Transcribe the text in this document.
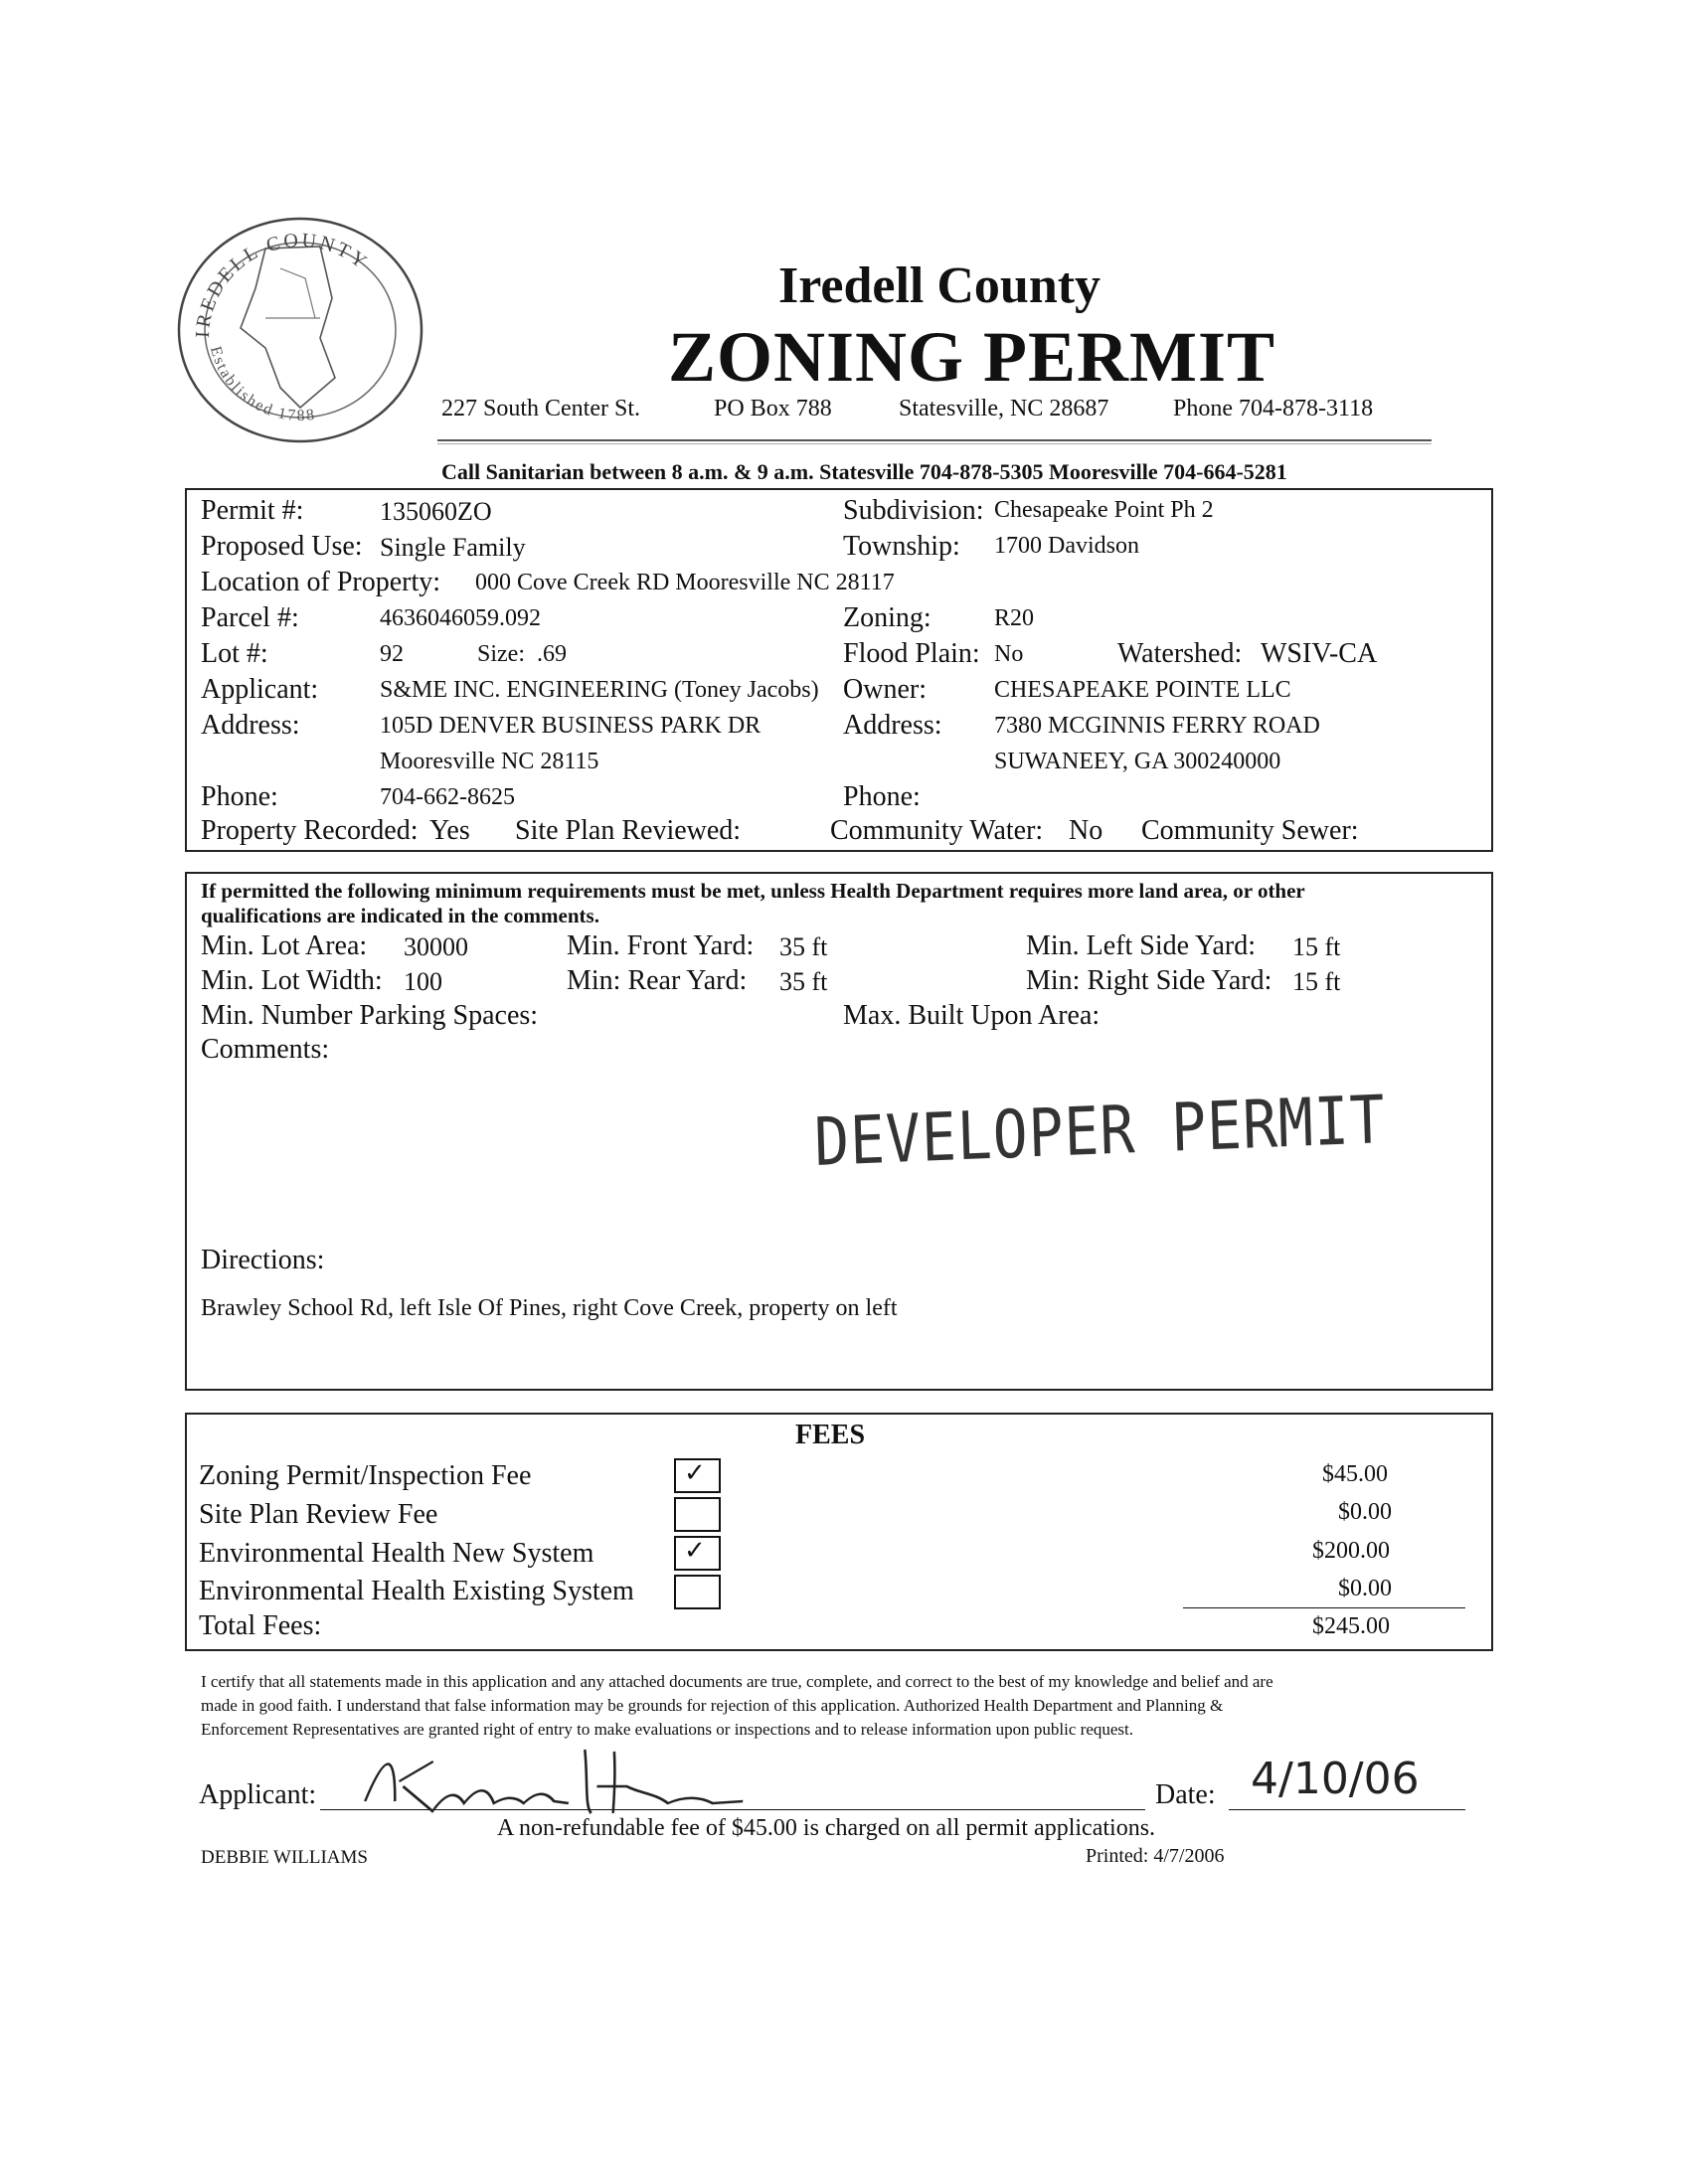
IREDELL COUNTY
Established 1788
Iredell County
ZONING PERMIT
227 South Center St.	PO Box 788	Statesville, NC 28687	Phone 704-878-3118
Call Sanitarian between 8 a.m. & 9 a.m. Statesville 704-878-5305 Mooresville 704-664-5281
Permit #:	135060ZO	Subdivision: Chesapeake Point Ph 2
Proposed Use: Single Family	Township: 1700 Davidson
Location of Property: 000 Cove Creek RD Mooresville NC 28117
Parcel #:	4636046059.092	Zoning:	R20
Lot #:	92	Size: .69	Flood Plain: No	Watershed: WSIV-CA
Applicant:	S&ME INC. ENGINEERING (Toney Jacobs) Owner:	CHESAPEAKE POINTE LLC
Address:	105D DENVER BUSINESS PARK DR	Address: 7380 MCGINNIS FERRY ROAD
Mooresville NC 28115	SUWANEEY, GA 300240000
Phone:	704-662-8625	Phone:
Property Recorded: Yes Site Plan Reviewed:	Community Water: No Community Sewer:
If permitted the following minimum requirements must be met, unless Health Department requires more land area, or other
qualifications are indicated in the comments.
Min. Lot Area: 30000	Min. Front Yard: 35 ft	Min. Left Side Yard: 15 ft
Min. Lot Width: 100	Min: Rear Yard: 35 ft	Min: Right Side Yard: 15 ft
Min. Number Parking Spaces:	Max. Built Upon Area:
Comments:
DEVELOPER PERMIT
Directions:
Brawley School Rd, left Isle Of Pines, right Cove Creek, property on left
FEES
Zoning Permit/Inspection Fee	✓	$45.00
Site Plan Review Fee	$0.00
Environmental Health New System	✓	$200.00
Environmental Health Existing System	$0.00
Total Fees:	$245.00
I certify that all statements made in this application and any attached documents are true, complete, and correct to the best of my knowledge and belief and are
made in good faith. I understand that false information may be grounds for rejection of this application. Authorized Health Department and Planning &
Enforcement Representatives are granted right of entry to make evaluations or inspections and to release information upon public request.
Applicant:	Date: 4/10/06
A non-refundable fee of $45.00 is charged on all permit applications.
DEBBIE WILLIAMS	Printed: 4/7/2006
